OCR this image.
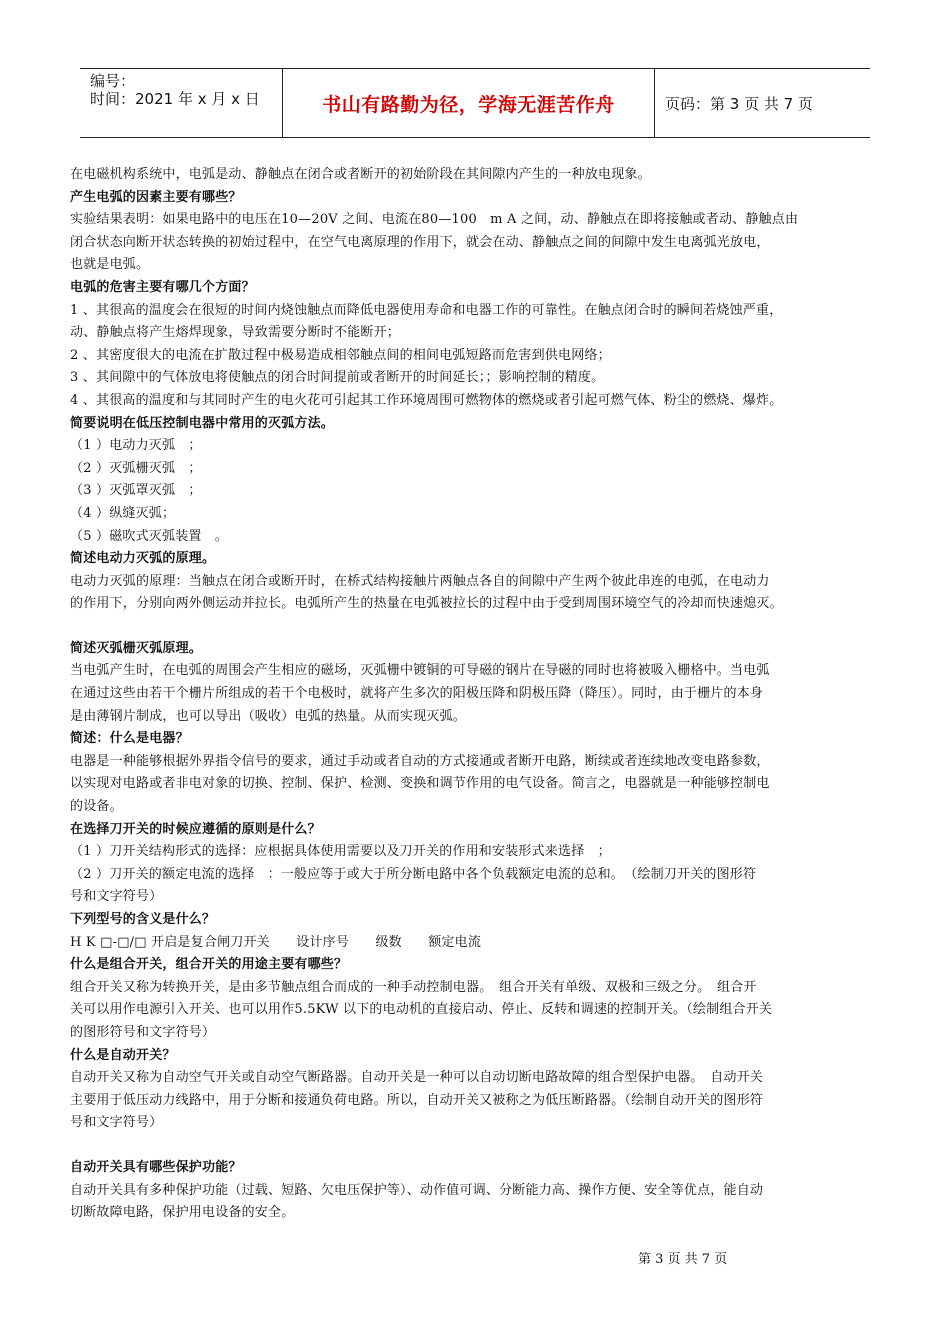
编号：
时间：2021 年 x 月 x 日	书山有路勤为径，学海无涯苦作舟	页码：第 3 页 共 7 页

在电磁机构系统中，电弧是动、静触点在闭合或者断开的初始阶段在其间隙内产生的一种放电现象。

产生电弧的因素主要有哪些？

实验结果表明：如果电路中的电压在10—20V 之间、电流在80—100　m A 之间，动、静触点在即将接触或者动、静触点由

闭合状态向断开状态转换的初始过程中，在空气电离原理的作用下，就会在动、静触点之间的间隙中发生电离弧光放电，

也就是电弧。

电弧的危害主要有哪几个方面？

1 、其很高的温度会在很短的时间内烧蚀触点而降低电器使用寿命和电器工作的可靠性。在触点闭合时的瞬间若烧蚀严重，

动、静触点将产生熔焊现象，导致需要分断时不能断开；

2 、其密度很大的电流在扩散过程中极易造成相邻触点间的相间电弧短路而危害到供电网络；

3 、其间隙中的气体放电将使触点的闭合时间提前或者断开的时间延长；；影响控制的精度。

4 、其很高的温度和与其同时产生的电火花可引起其工作环境周围可燃物体的燃烧或者引起可燃气体、粉尘的燃烧、爆炸。

简要说明在低压控制电器中常用的灭弧方法。

（1 ）电动力灭弧　；

（2 ）灭弧栅灭弧　；

（3 ）灭弧罩灭弧　；

（4 ）纵缝灭弧；

（5 ）磁吹式灭弧装置　。

简述电动力灭弧的原理。

电动力灭弧的原理：当触点在闭合或断开时，在桥式结构接触片两触点各自的间隙中产生两个彼此串连的电弧，在电动力

的作用下，分别向两外侧运动并拉长。电弧所产生的热量在电弧被拉长的过程中由于受到周围环境空气的冷却而快速熄灭。

简述灭弧栅灭弧原理。

当电弧产生时，在电弧的周围会产生相应的磁场，灭弧栅中镀铜的可导磁的钢片在导磁的同时也将被吸入栅格中。当电弧

在通过这些由若干个栅片所组成的若干个电极时，就将产生多次的阳极压降和阴极压降（降压）。同时，由于栅片的本身

是由薄钢片制成，也可以导出（吸收）电弧的热量。从而实现灭弧。

简述：什么是电器？

电器是一种能够根据外界指令信号的要求，通过手动或者自动的方式接通或者断开电路，断续或者连续地改变电路参数，

以实现对电路或者非电对象的切换、控制、保护、检测、变换和调节作用的电气设备。简言之，电器就是一种能够控制电

的设备。

在选择刀开关的时候应遵循的原则是什么？

（1 ）刀开关结构形式的选择：应根据具体使用需要以及刀开关的作用和安装形式来选择　；

（2 ）刀开关的额定电流的选择　：一般应等于或大于所分断电路中各个负载额定电流的总和。　（绘制刀开关的图形符

号和文字符号）

下列型号的含义是什么？

H K □-□/□ 开启是复合闸刀开关　　设计序号　　级数　　额定电流

什么是组合开关，组合开关的用途主要有哪些？

组合开关又称为转换开关，是由多节触点组合而成的一种手动控制电器。　组合开关有单级、双极和三级之分。　组合开

关可以用作电源引入开关、也可以用作5.5KW 以下的电动机的直接启动、停止、反转和调速的控制开关。（绘制组合开关

的图形符号和文字符号）

什么是自动开关？

自动开关又称为自动空气开关或自动空气断路器。自动开关是一种可以自动切断电路故障的组合型保护电器。　自动开关

主要用于低压动力线路中，用于分断和接通负荷电路。所以，自动开关又被称之为低压断路器。（绘制自动开关的图形符

号和文字符号）

自动开关具有哪些保护功能？

自动开关具有多种保护功能（过载、短路、欠电压保护等）、动作值可调、分断能力高、操作方便、安全等优点，能自动

切断故障电路，保护用电设备的安全。

第 3 页 共 7 页
